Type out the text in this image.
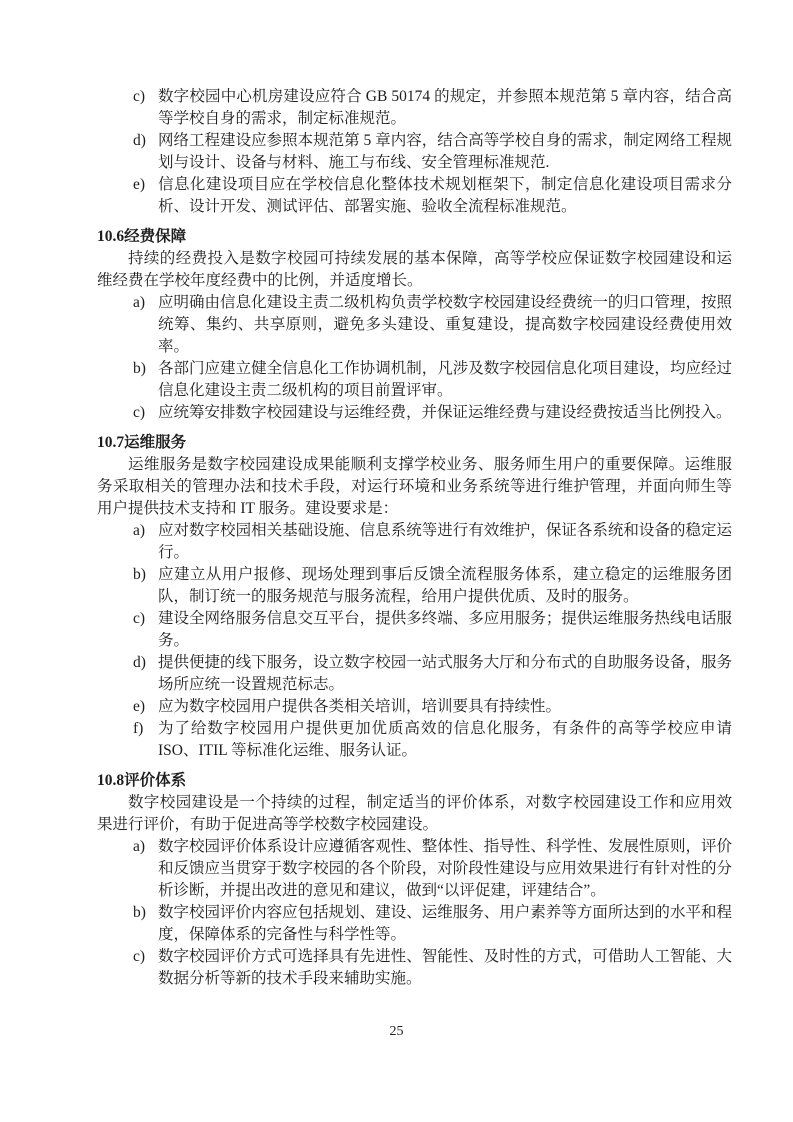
c) 数字校园中心机房建设应符合 GB 50174 的规定，并参照本规范第 5 章内容，结合高等学校自身的需求，制定标准规范。
d) 网络工程建设应参照本规范第 5 章内容，结合高等学校自身的需求，制定网络工程规划与设计、设备与材料、施工与布线、安全管理标准规范.
e) 信息化建设项目应在学校信息化整体技术规划框架下，制定信息化建设项目需求分析、设计开发、测试评估、部署实施、验收全流程标准规范。
10.6经费保障

持续的经费投入是数字校园可持续发展的基本保障，高等学校应保证数字校园建设和运维经费在学校年度经费中的比例，并适度增长。

a) 应明确由信息化建设主责二级机构负责学校数字校园建设经费统一的归口管理，按照统筹、集约、共享原则，避免多头建设、重复建设，提高数字校园建设经费使用效率。
b) 各部门应建立健全信息化工作协调机制，凡涉及数字校园信息化项目建设，均应经过信息化建设主责二级机构的项目前置评审。
c) 应统筹安排数字校园建设与运维经费，并保证运维经费与建设经费按适当比例投入。
10.7运维服务

运维服务是数字校园建设成果能顺利支撑学校业务、服务师生用户的重要保障。运维服务采取相关的管理办法和技术手段，对运行环境和业务系统等进行维护管理，并面向师生等用户提供技术支持和 IT 服务。建设要求是：

a) 应对数字校园相关基础设施、信息系统等进行有效维护，保证各系统和设备的稳定运行。
b) 应建立从用户报修、现场处理到事后反馈全流程服务体系，建立稳定的运维服务团队，制订统一的服务规范与服务流程，给用户提供优质、及时的服务。
c) 建设全网络服务信息交互平台，提供多终端、多应用服务；提供运维服务热线电话服务。
d) 提供便捷的线下服务，设立数字校园一站式服务大厅和分布式的自助服务设备，服务场所应统一设置规范标志。
e) 应为数字校园用户提供各类相关培训，培训要具有持续性。
f) 为了给数字校园用户提供更加优质高效的信息化服务，有条件的高等学校应申请 ISO、ITIL 等标准化运维、服务认证。
10.8评价体系

数字校园建设是一个持续的过程，制定适当的评价体系，对数字校园建设工作和应用效果进行评价，有助于促进高等学校数字校园建设。

a) 数字校园评价体系设计应遵循客观性、整体性、指导性、科学性、发展性原则，评价和反馈应当贯穿于数字校园的各个阶段，对阶段性建设与应用效果进行有针对性的分析诊断，并提出改进的意见和建议，做到“以评促建，评建结合”。
b) 数字校园评价内容应包括规划、建设、运维服务、用户素养等方面所达到的水平和程度，保障体系的完备性与科学性等。
c) 数字校园评价方式可选择具有先进性、智能性、及时性的方式，可借助人工智能、大数据分析等新的技术手段来辅助实施。
25
